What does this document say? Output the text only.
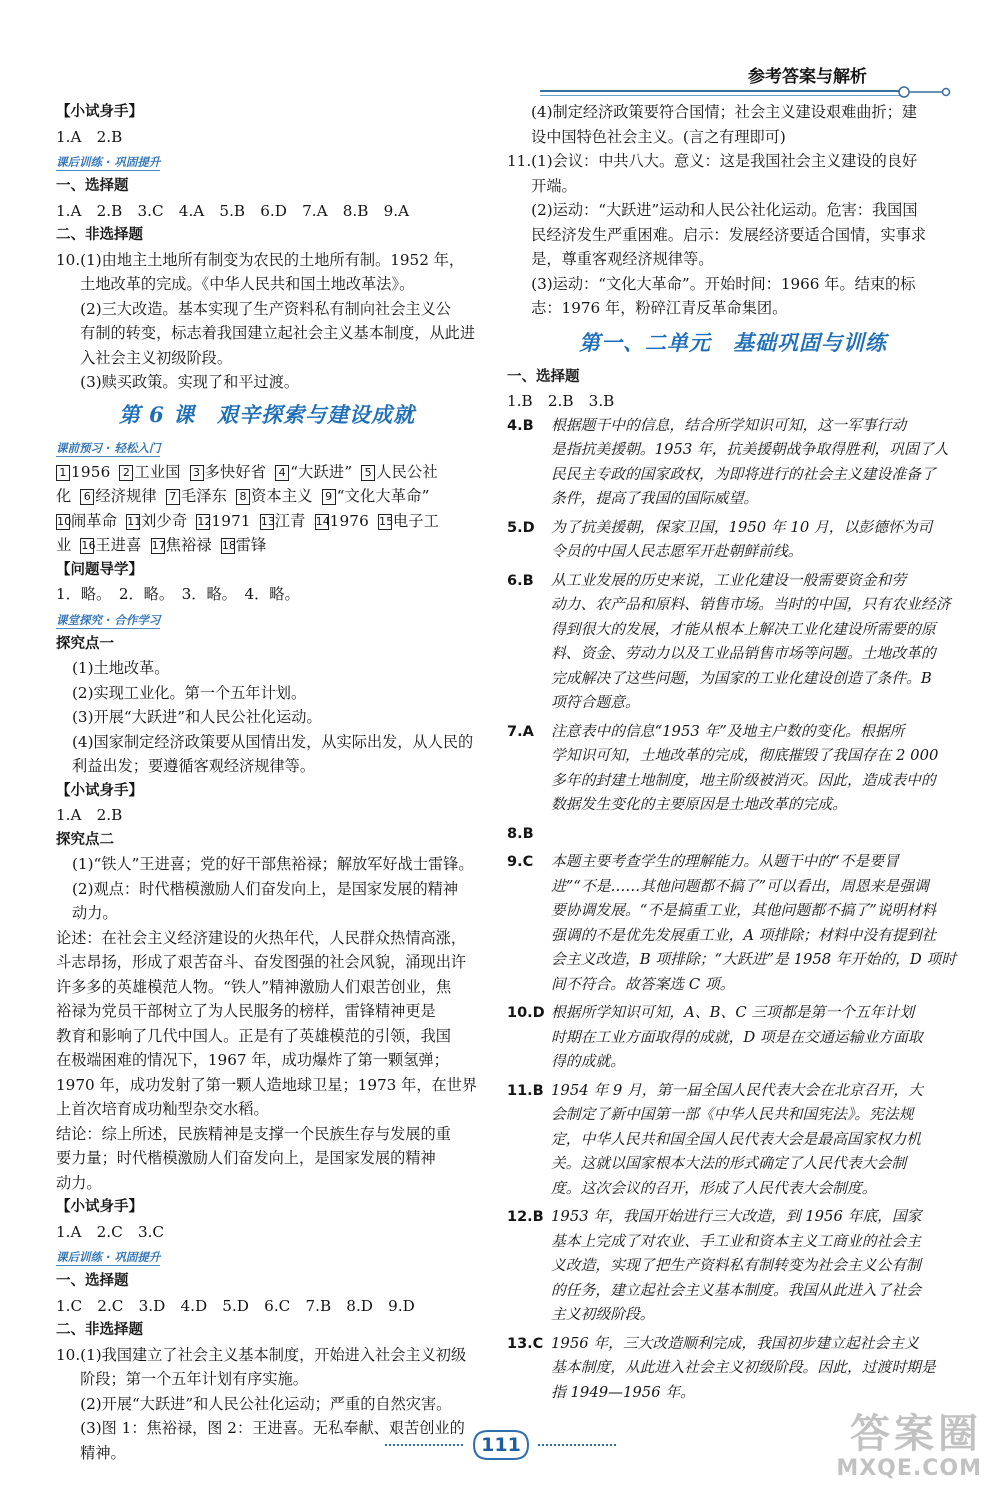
参考答案与解析
【小试身手】
1.A　2.B
课后训练 · 巩固提升
一、选择题
1.A　2.B　3.C　4.A　5.B　6.D　7.A　8.B　9.A
二、非选择题
10. (1)由地主土地所有制变为农民的土地所有制。1952 年，
土地改革的完成。《中华人民共和国土地改革法》。
(2)三大改造。基本实现了生产资料私有制向社会主义公
有制的转变，标志着我国建立起社会主义基本制度，从此进
入社会主义初级阶段。
(3)赎买政策。实现了和平过渡。
第 6 课　艰辛探索与建设成就
课前预习 · 轻松入门
1 1956 2 工业国 3 多快好省 4 “大跃进” 5 人民公社
化 6 经济规律 7 毛泽东 8 资本主义 9 “文化大革命”
10闹革命 11刘少奇 121971 13江青 141976 15电子工
业 16王进喜 17焦裕禄 18雷锋
【问题导学】
1．略。　2．略。　3．略。　4．略。
课堂探究 · 合作学习
探究点一
(1)土地改革。
(2)实现工业化。第一个五年计划。
(3)开展“大跃进”和人民公社化运动。
(4)国家制定经济政策要从国情出发，从实际出发，从人民的
利益出发；要遵循客观经济规律等。
【小试身手】
1.A　2.B
探究点二
(1)“铁人”王进喜；党的好干部焦裕禄；解放军好战士雷锋。
(2)观点：时代楷模激励人们奋发向上，是国家发展的精神
动力。
论述：在社会主义经济建设的火热年代，人民群众热情高涨，
斗志昂扬，形成了艰苦奋斗、奋发图强的社会风貌，涌现出许
许多多的英雄模范人物。“铁人”精神激励人们艰苦创业，焦
裕禄为党员干部树立了为人民服务的榜样，雷锋精神更是
教育和影响了几代中国人。正是有了英雄模范的引领，我国
在极端困难的情况下，1967 年，成功爆炸了第一颗氢弹；
1970 年，成功发射了第一颗人造地球卫星；1973 年，在世界
上首次培育成功籼型杂交水稻。
结论：综上所述，民族精神是支撑一个民族生存与发展的重
要力量；时代楷模激励人们奋发向上，是国家发展的精神
动力。
【小试身手】
1.A　2.C　3.C
课后训练 · 巩固提升
一、选择题
1.C　2.C　3.D　4.D　5.D　6.C　7.B　8.D　9.D
二、非选择题
10. (1)我国建立了社会主义基本制度，开始进入社会主义初级
阶段；第一个五年计划有序实施。
(2)开展“大跃进”和人民公社化运动；严重的自然灾害。
(3)图 1：焦裕禄，图 2：王进喜。无私奉献、艰苦创业的精神。
(4)制定经济政策要符合国情；社会主义建设艰难曲折；建
设中国特色社会主义。(言之有理即可)
11. (1)会议：中共八大。意义：这是我国社会主义建设的良好
开端。
(2)运动：“大跃进”运动和人民公社化运动。危害：我国国
民经济发生严重困难。启示：发展经济要适合国情，实事求
是，尊重客观经济规律等。
(3)运动：“文化大革命”。开始时间：1966 年。结束的标
志：1976 年，粉碎江青反革命集团。
第一、二单元　基础巩固与训练
一、选择题
1.B　2.B　3.B
4.B	根据题干中的信息，结合所学知识可知，这一军事行动
是指抗美援朝。1953 年，抗美援朝战争取得胜利，巩固了人
民民主专政的国家政权，为即将进行的社会主义建设准备了
条件，提高了我国的国际威望。
5.D	为了抗美援朝，保家卫国，1950 年 10 月，以彭德怀为司
令员的中国人民志愿军开赴朝鲜前线。
6.B	从工业发展的历史来说，工业化建设一般需要资金和劳
动力、农产品和原料、销售市场。当时的中国，只有农业经济
得到很大的发展，才能从根本上解决工业化建设所需要的原
料、资金、劳动力以及工业品销售市场等问题。土地改革的
完成解决了这些问题，为国家的工业化建设创造了条件。B
项符合题意。
7.A	注意表中的信息“1953 年”及地主户数的变化。根据所
学知识可知，土地改革的完成，彻底摧毁了我国存在 2 000
多年的封建土地制度，地主阶级被消灭。因此，造成表中的
数据发生变化的主要原因是土地改革的完成。
8.B
9.C	本题主要考查学生的理解能力。从题干中的“不是要冒
进”“不是……其他问题都不搞了”可以看出，周恩来是强调
要协调发展。“不是搞重工业，其他问题都不搞了”说明材料
强调的不是优先发展重工业，A 项排除；材料中没有提到社
会主义改造，B 项排除；“大跃进”是 1958 年开始的，D 项时
间不符合。故答案选 C 项。
10.D 根据所学知识可知，A、B、C 三项都是第一个五年计划
时期在工业方面取得的成就，D 项是在交通运输业方面取
得的成就。
11.B 1954 年 9 月，第一届全国人民代表大会在北京召开，大
会制定了新中国第一部《中华人民共和国宪法》。宪法规
定，中华人民共和国全国人民代表大会是最高国家权力机
关。这就以国家根本大法的形式确定了人民代表大会制
度。这次会议的召开，形成了人民代表大会制度。
12.B 1953 年，我国开始进行三大改造，到 1956 年底，国家
基本上完成了对农业、手工业和资本主义工商业的社会主
义改造，实现了把生产资料私有制转变为社会主义公有制
的任务，建立起社会主义基本制度。我国从此进入了社会
主义初级阶段。
13.C 1956 年，三大改造顺利完成，我国初步建立起社会主义
基本制度，从此进入社会主义初级阶段。因此，过渡时期是
指 1949—1956 年。
111	答案圈
MXQE.COM
